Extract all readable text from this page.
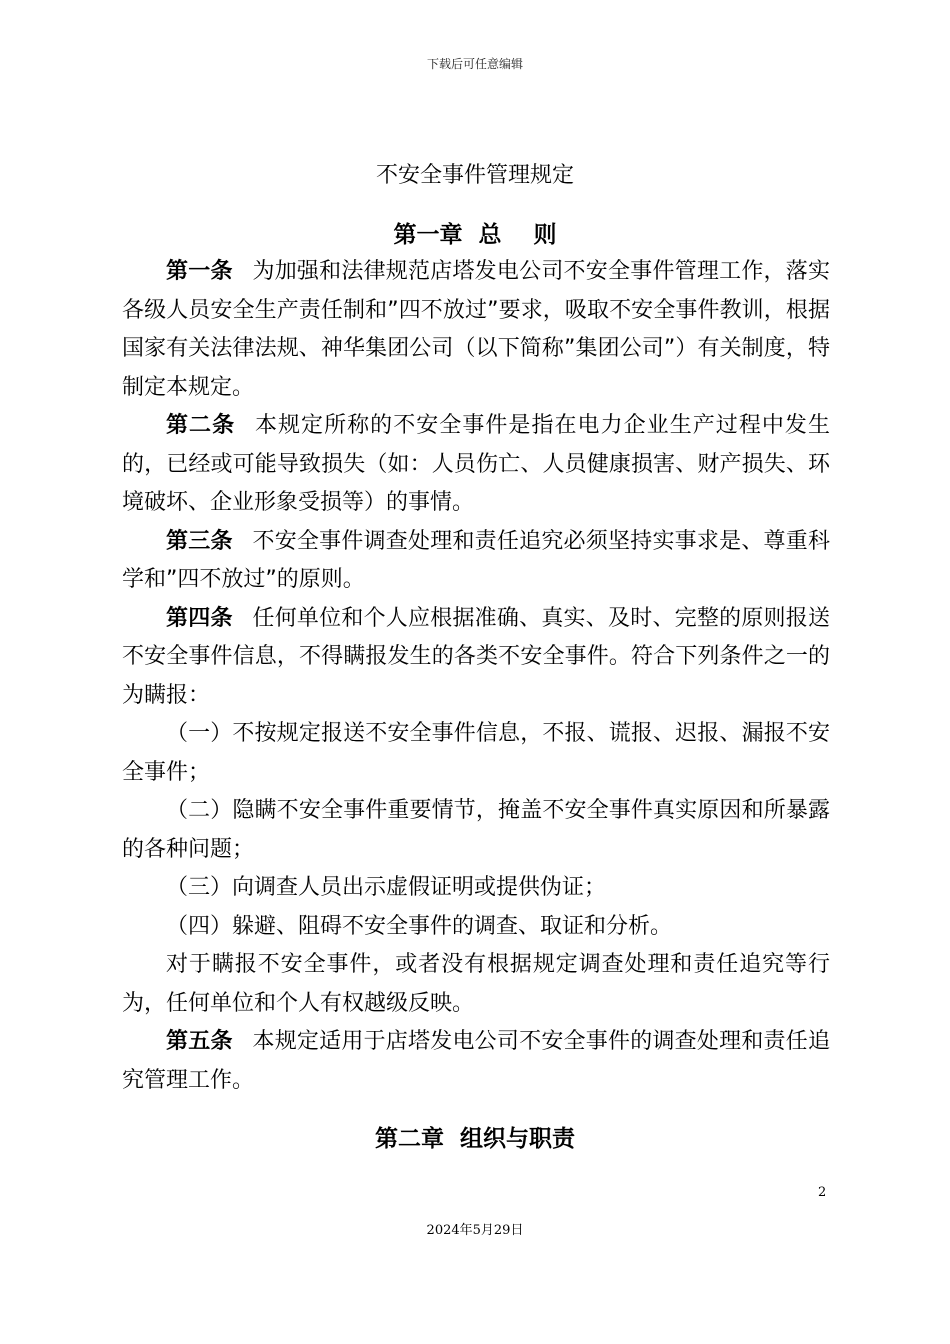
下载后可任意编辑
不安全事件管理规定
第一章  总    则

第一条 为加强和法律规范店塔发电公司不安全事件管理工作，落实各级人员安全生产责任制和”四不放过”要求，吸取不安全事件教训，根据国家有关法律法规、神华集团公司（以下简称”集团公司”）有关制度，特制定本规定。

第二条 本规定所称的不安全事件是指在电力企业生产过程中发生的，已经或可能导致损失（如：人员伤亡、人员健康损害、财产损失、环境破坏、企业形象受损等）的事情。

第三条 不安全事件调查处理和责任追究必须坚持实事求是、尊重科学和”四不放过”的原则。

第四条 任何单位和个人应根据准确、真实、及时、完整的原则报送不安全事件信息，不得瞒报发生的各类不安全事件。符合下列条件之一的为瞒报：

（一）不按规定报送不安全事件信息，不报、谎报、迟报、漏报不安全事件；

（二）隐瞒不安全事件重要情节，掩盖不安全事件真实原因和所暴露的各种问题；

（三）向调查人员出示虚假证明或提供伪证；

（四）躲避、阻碍不安全事件的调查、取证和分析。

对于瞒报不安全事件，或者没有根据规定调查处理和责任追究等行为，任何单位和个人有权越级反映。

第五条 本规定适用于店塔发电公司不安全事件的调查处理和责任追究管理工作。

第二章  组织与职责
2
2024年5月29日
